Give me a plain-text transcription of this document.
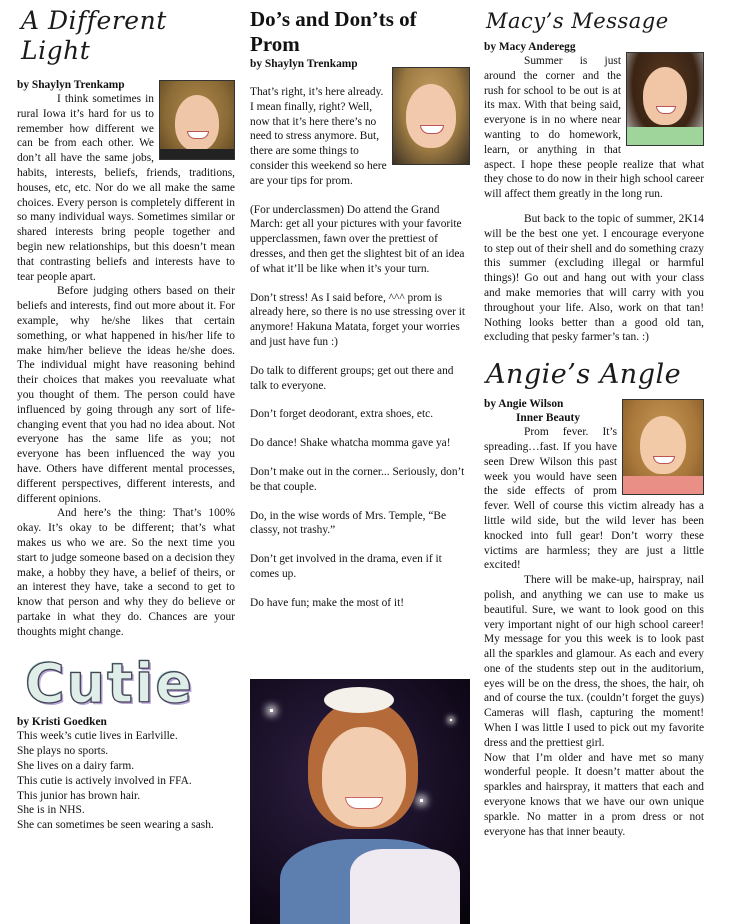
A Different Light
by Shaylyn Trenkamp

I think sometimes in rural Iowa it’s hard for us to remember how different we can be from each other. We don’t all have the same jobs, habits, interests, beliefs, friends, traditions, houses, etc, etc. Nor do we all make the same choices. Every person is completely different in so many individual ways. Sometimes similar or shared interests bring people together and begin new relationships, but this doesn’t mean that contrasting beliefs and interests have to tear people apart.

Before judging others based on their beliefs and interests, find out more about it. For example, why he/she likes that certain something, or what happened in his/her life to make him/her believe the ideas he/she does. The individual might have reasoning behind their choices that makes you reevaluate what you thought of them. The person could have influenced by going through any sort of life-changing event that you had no idea about. Not everyone has the same life as you; not everyone has been influenced the way you have. Others have different mental processes, different perspectives, different interests, and different opinions.

And here’s the thing: That’s 100% okay. It’s okay to be different; that’s what makes us who we are. So the next time you start to judge someone based on a decision they make, a hobby they have, a belief of theirs, or an interest they have, take a second to get to know that person and why they do believe or partake in what they do. Chances are your thoughts might change.

Cutie
by Kristi Goedken
This week’s cutie lives in Earlville.
She plays no sports.
She lives on a dairy farm.
This cutie is actively involved in FFA.
This junior has brown hair.
She is in NHS.
She can sometimes be seen wearing a sash.
Do’s and Don’ts of Prom
by Shaylyn Trenkamp

That’s right, it’s here already. I mean finally, right? Well, now that it’s here there’s no need to stress anymore. But, there are some things to consider this weekend so here are your tips for prom.

(For underclassmen) Do attend the Grand March: get all your pictures with your favorite upperclassmen, fawn over the prettiest of dresses, and then get the slightest bit of an idea of what it’ll be like when it’s your turn.

Don’t stress! As I said before, ^^^ prom is already here, so there is no use stressing over it anymore! Hakuna Matata, forget your worries and just have fun :)

Do talk to different groups; get out there and talk to everyone.

Don’t forget deodorant, extra shoes, etc.

Do dance! Shake whatcha momma gave ya!

Don’t make out in the corner... Seriously, don’t be that couple.

Do, in the wise words of Mrs. Temple, “Be classy, not trashy.”

Don’t get involved in the drama, even if it comes up.

Do have fun; make the most of it!

Macy’s Message
by Macy Anderegg

Summer is just around the corner and the rush for school to be out is at its max. With that being said, everyone is in no where near wanting to do homework, learn, or anything in that aspect. I hope these people realize that what they chose to do now in their high school career will affect them greatly in the long run.

But back to the topic of summer, 2K14 will be the best one yet. I encourage everyone to step out of their shell and do something crazy this summer (excluding illegal or harmful things)! Go out and hang out with your class and make memories that will carry with you throughout your life. Also, work on that tan! Nothing looks better than a good old tan, excluding that pesky farmer’s tan. :)

Angie’s Angle
by Angie Wilson
Inner Beauty

Prom fever. It’s spreading…fast. If you have seen Drew Wilson this past week you would have seen the side effects of prom fever. Well of course this victim already has a little wild side, but the wild lever has been knocked into full gear! Don’t worry these victims are harmless; they are just a little excited!

There will be make-up, hairspray, nail polish, and anything we can use to make us beautiful. Sure, we want to look good on this very important night of our high school career! My message for you this week is to look past all the sparkles and glamour. As each and every one of the students step out in the auditorium, eyes will be on the dress, the shoes, the hair, oh and of course the tux. (couldn’t forget the guys) Cameras will flash, capturing the moment! When I was little I used to pick out my favorite dress and the prettiest girl.

Now that I’m older and have met so many wonderful people. It doesn’t matter about the sparkles and hairspray, it matters that each and everyone knows that we have our own unique sparkle. No matter in a prom dress or not everyone has that inner beauty.
